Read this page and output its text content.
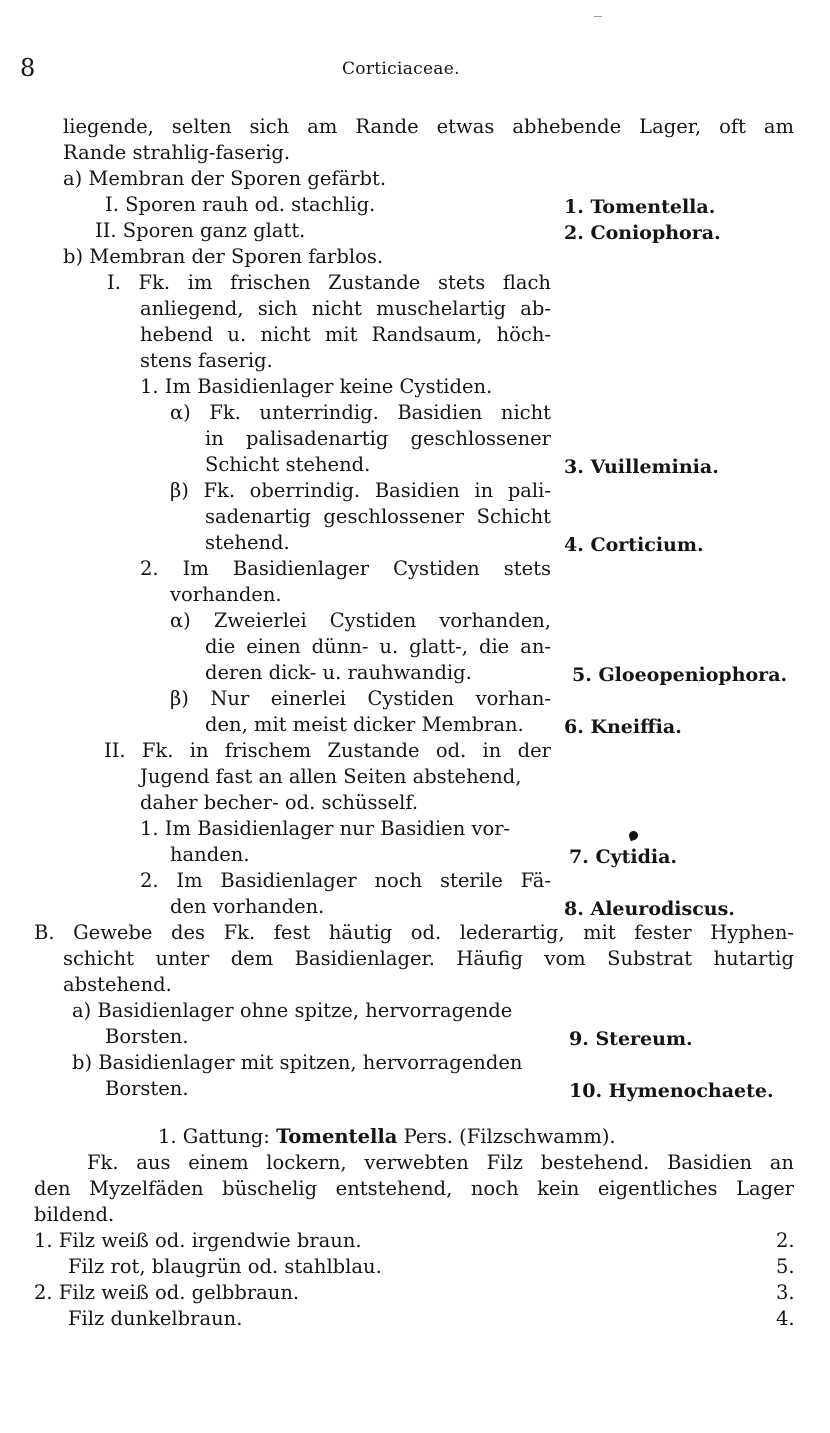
8	Corticiaceae.
liegende, selten sich am Rande etwas abhebende Lager, oft am
Rande strahlig-faserig.
a) Membran der Sporen gefärbt.
I. Sporen rauh od. stachlig.	1. Tomentella.
II. Sporen ganz glatt.	2. Coniophora.
b) Membran der Sporen farblos.
I. Fk. im frischen Zustande stets flach
anliegend, sich nicht muschelartig ab-
hebend u. nicht mit Randsaum, höch-
stens faserig.
1. Im Basidienlager keine Cystiden.
α) Fk. unterrindig. Basidien nicht
in palisadenartig geschlossener
Schicht stehend.	3. Vuilleminia.
β) Fk. oberrindig. Basidien in pali-
sadenartig geschlossener Schicht
stehend.	4. Corticium.
2. Im Basidienlager Cystiden stets
vorhanden.
α) Zweierlei Cystiden vorhanden,
die einen dünn- u. glatt-, die an-
deren dick- u. rauhwandig.	5. Gloeopeniophora.
β) Nur einerlei Cystiden vorhan-
den, mit meist dicker Membran. 6. Kneiffia.
II. Fk. in frischem Zustande od. in der
Jugend fast an allen Seiten abstehend,
daher becher- od. schüsself.
1. Im Basidienlager nur Basidien vor-
handen.	7. Cytidia.
2. Im Basidienlager noch sterile Fä-
den vorhanden.	8. Aleurodiscus.
B. Gewebe des Fk. fest häutig od. lederartig, mit fester Hyphen-
schicht unter dem Basidienlager. Häufig vom Substrat hutartig
abstehend.
a) Basidienlager ohne spitze, hervorragende
Borsten.	9. Stereum.
b) Basidienlager mit spitzen, hervorragenden
Borsten.	10. Hymenochaete.
1. Gattung: Tomentella Pers. (Filzschwamm).
Fk. aus einem lockern, verwebten Filz bestehend. Basidien an
den Myzelfäden büschelig entstehend, noch kein eigentliches Lager
bildend.
1. Filz weiß od. irgendwie braun.	2.
Filz rot, blaugrün od. stahlblau.	5.
2. Filz weiß od. gelbbraun.	3.
Filz dunkelbraun.	4.
